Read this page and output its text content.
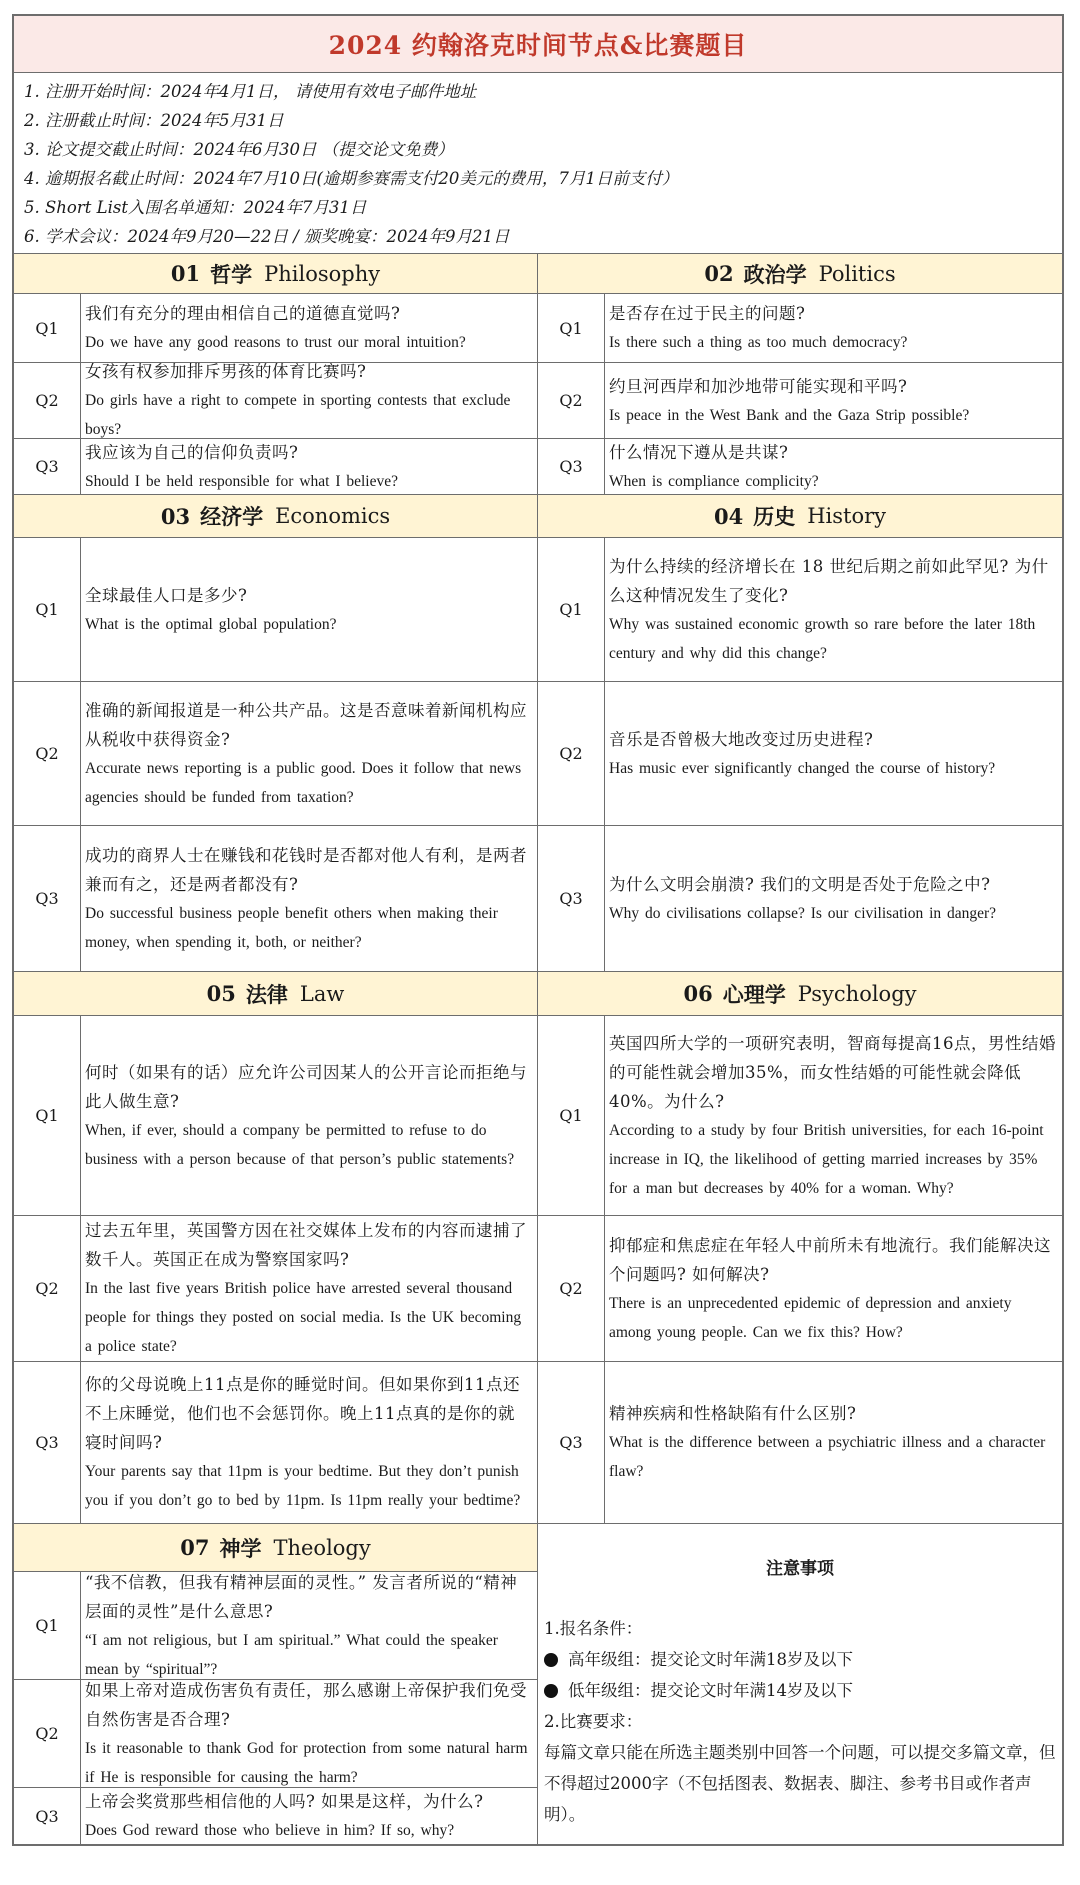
2024 约翰洛克时间节点&比赛题目
1. 注册开始时间：2024年4月1日， 请使用有效电子邮件地址
2. 注册截止时间：2024年5月31日
3. 论文提交截止时间：2024年6月30日 （提交论文免费）
4. 逾期报名截止时间：2024年7月10日(逾期参赛需支付20美元的费用，7月1日前支付）
5. Short List入围名单通知：2024年7月31日
6. 学术会议：2024年9月20—22日 / 颁奖晚宴：2024年9月21日
01 哲学 Philosophy
Q1
我们有充分的理由相信自己的道德直觉吗?
Do we have any good reasons to trust our moral intuition?
Q2
女孩有权参加排斥男孩的体育比赛吗?
Do girls have a right to compete in sporting contests that exclude boys?
Q3
我应该为自己的信仰负责吗?
Should I be held responsible for what I believe?
02 政治学 Politics
Q1
是否存在过于民主的问题?
Is there such a thing as too much democracy?
Q2
约旦河西岸和加沙地带可能实现和平吗?
Is peace in the West Bank and the Gaza Strip possible?
Q3
什么情况下遵从是共谋?
When is compliance complicity?
03 经济学 Economics
Q1
全球最佳人口是多少?
What is the optimal global population?
Q2
准确的新闻报道是一种公共产品。这是否意味着新闻机构应从税收中获得资金?
Accurate news reporting is a public good. Does it follow that news agencies should be funded from taxation?
Q3
成功的商界人士在赚钱和花钱时是否都对他人有利，是两者兼而有之，还是两者都没有?
Do successful business people benefit others when making their money, when spending it, both, or neither?
04 历史 History
Q1
为什么持续的经济增长在 18 世纪后期之前如此罕见? 为什么这种情况发生了变化?
Why was sustained economic growth so rare before the later 18th century and why did this change?
Q2
音乐是否曾极大地改变过历史进程?
Has music ever significantly changed the course of history?
Q3
为什么文明会崩溃? 我们的文明是否处于危险之中?
Why do civilisations collapse? Is our civilisation in danger?
05 法律 Law
Q1
何时（如果有的话）应允许公司因某人的公开言论而拒绝与此人做生意?
When, if ever, should a company be permitted to refuse to do business with a person because of that person’s public statements?
Q2
过去五年里，英国警方因在社交媒体上发布的内容而逮捕了数千人。英国正在成为警察国家吗?
In the last five years British police have arrested several thousand people for things they posted on social media. Is the UK becoming a police state?
Q3
你的父母说晚上11点是你的睡觉时间。但如果你到11点还不上床睡觉，他们也不会惩罚你。晚上11点真的是你的就寝时间吗?
Your parents say that 11pm is your bedtime. But they don’t punish you if you don’t go to bed by 11pm. Is 11pm really your bedtime?
06 心理学 Psychology
Q1
英国四所大学的一项研究表明，智商每提高16点，男性结婚的可能性就会增加35%，而女性结婚的可能性就会降低40%。为什么?
According to a study by four British universities, for each 16-point increase in IQ, the likelihood of getting married increases by 35% for a man but decreases by 40% for a woman. Why?
Q2
抑郁症和焦虑症在年轻人中前所未有地流行。我们能解决这个问题吗? 如何解决?
There is an unprecedented epidemic of depression and anxiety among young people. Can we fix this? How?
Q3
精神疾病和性格缺陷有什么区别?
What is the difference between a psychiatric illness and a character flaw?
07 神学 Theology
Q1
“我不信教，但我有精神层面的灵性。” 发言者所说的“精神层面的灵性”是什么意思?
“I am not religious, but I am spiritual.” What could the speaker mean by “spiritual”?
Q2
如果上帝对造成伤害负有责任，那么感谢上帝保护我们免受自然伤害是否合理?
Is it reasonable to thank God for protection from some natural harm if He is responsible for causing the harm?
Q3
上帝会奖赏那些相信他的人吗? 如果是这样，为什么?
Does God reward those who believe in him? If so, why?
注意事项
1.报名条件：
高年级组：提交论文时年满18岁及以下
低年级组：提交论文时年满14岁及以下
2.比赛要求：
每篇文章只能在所选主题类别中回答一个问题，可以提交多篇文章，但不得超过2000字（不包括图表、数据表、脚注、参考书目或作者声明）。
